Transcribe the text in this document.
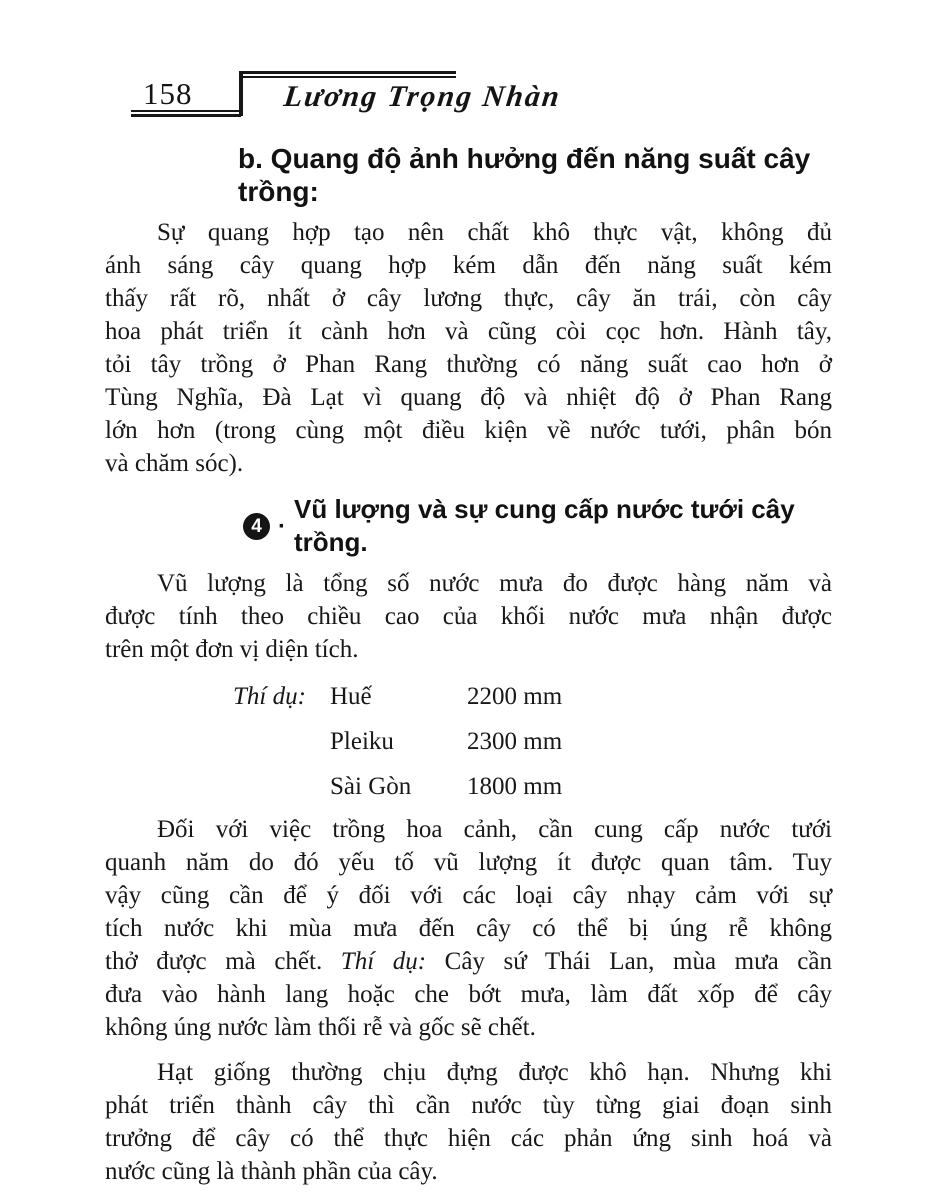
158	Lương Trọng Nhàn
b. Quang độ ảnh hưởng đến năng suất cây trồng:
Sự quang hợp tạo nên chất khô thực vật, không đủ
ánh sáng cây quang hợp kém dẫn đến năng suất kém
thấy rất rõ, nhất ở cây lương thực, cây ăn trái, còn cây
hoa phát triển ít cành hơn và cũng còi cọc hơn. Hành tây,
tỏi tây trồng ở Phan Rang thường có năng suất cao hơn ở
Tùng Nghĩa, Đà Lạt vì quang độ và nhiệt độ ở Phan Rang
lớn hơn (trong cùng một điều kiện về nước tưới, phân bón
và chăm sóc).
4 ·
Vũ lượng và sự cung cấp nước tưới cây trồng.
Vũ lượng là tổng số nước mưa đo được hàng năm và
được tính theo chiều cao của khối nước mưa nhận được
trên một đơn vị diện tích.
Thí dụ: Huế	2200 mm
Pleiku	2300 mm
Sài Gòn	1800 mm
Đối với việc trồng hoa cảnh, cần cung cấp nước tưới
quanh năm do đó yếu tố vũ lượng ít được quan tâm. Tuy
vậy cũng cần để ý đối với các loại cây nhạy cảm với sự
tích nước khi mùa mưa đến cây có thể bị úng rễ không
thở được mà chết. Thí dụ: Cây sứ Thái Lan, mùa mưa cần
đưa vào hành lang hoặc che bớt mưa, làm đất xốp để cây
không úng nước làm thối rễ và gốc sẽ chết.
Hạt giống thường chịu đựng được khô hạn. Nhưng khi
phát triển thành cây thì cần nước tùy từng giai đoạn sinh
trưởng để cây có thể thực hiện các phản ứng sinh hoá và
nước cũng là thành phần của cây.
